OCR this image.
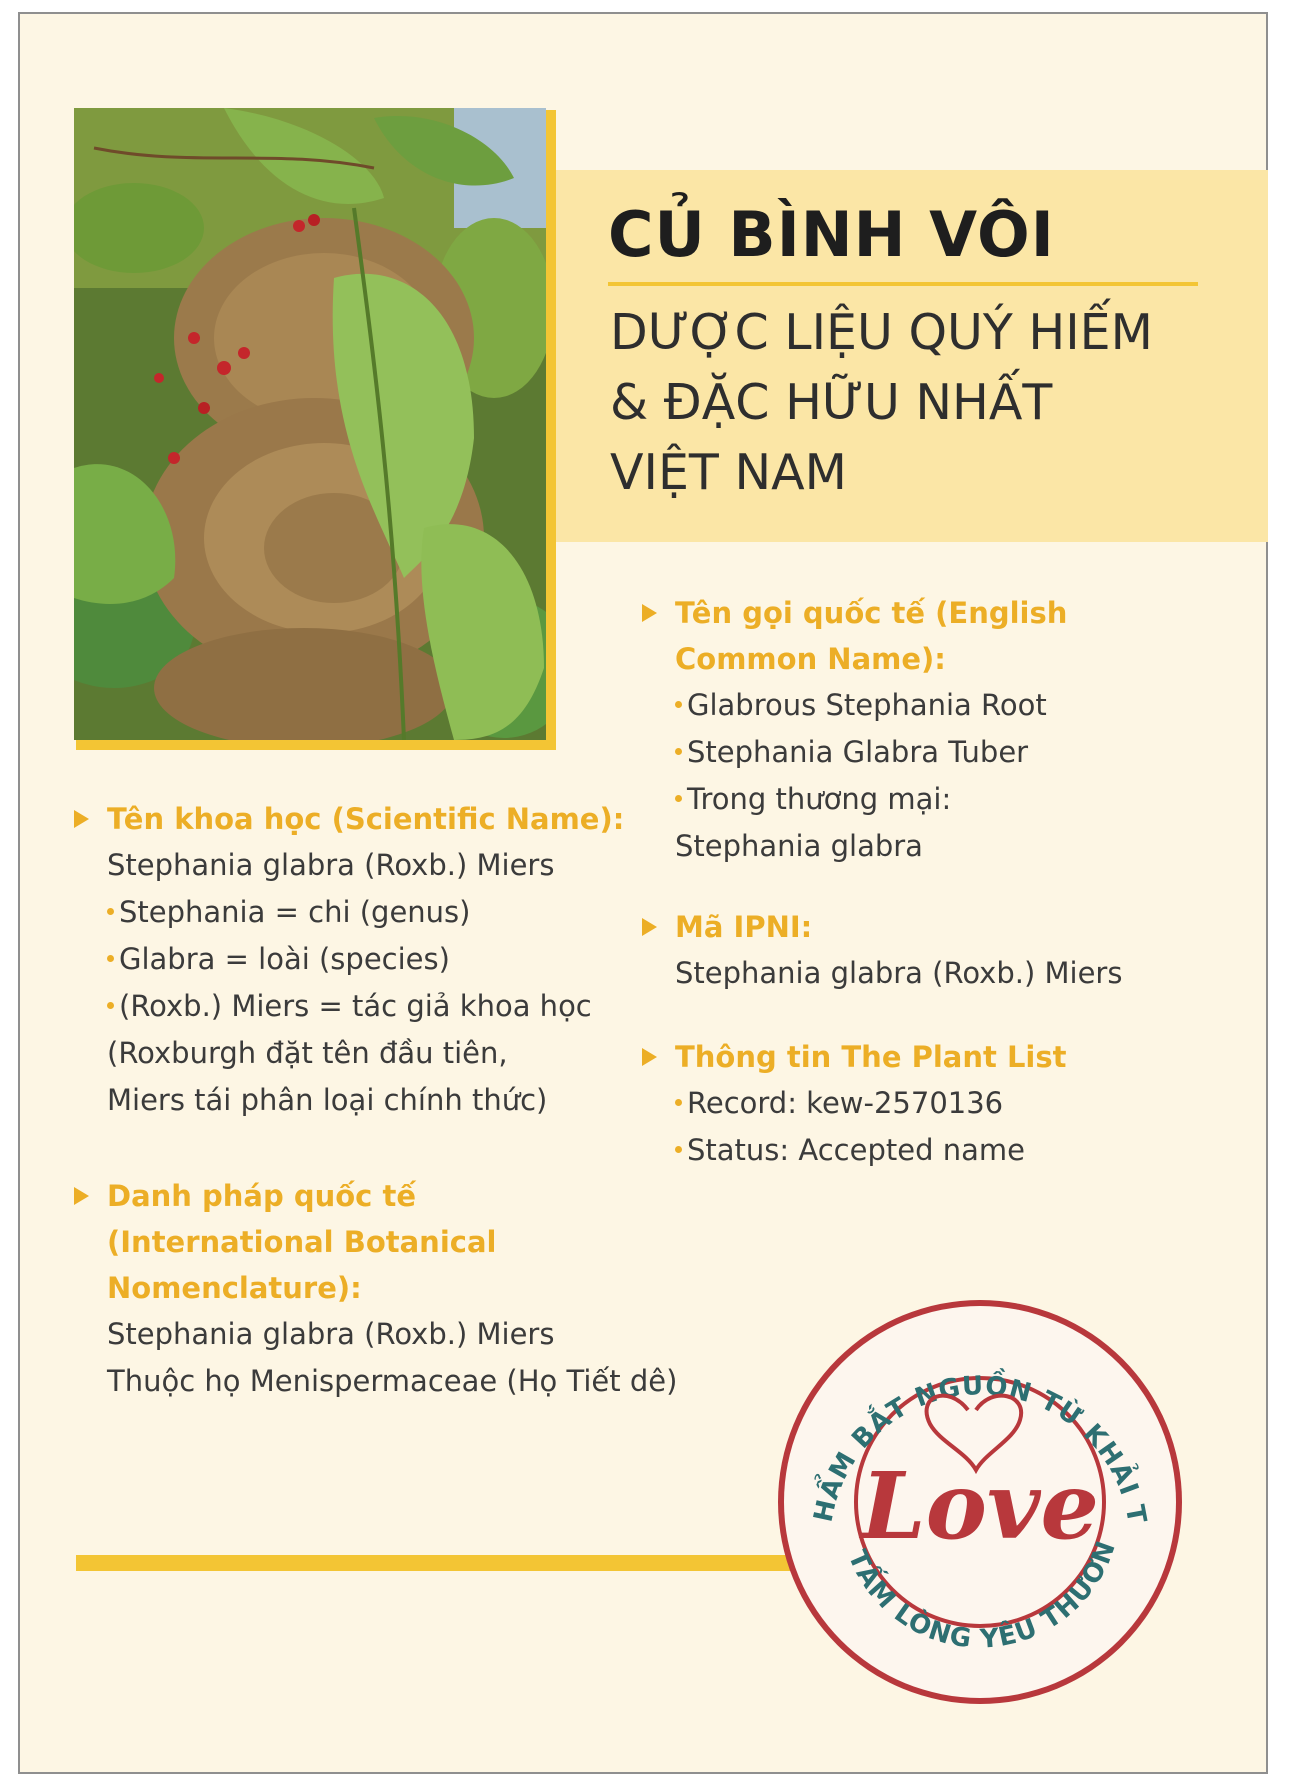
CỦ BÌNH VÔI
DƯỢC LIỆU QUÝ HIẾM
& ĐẶC HỮU NHẤT
VIỆT NAM
Tên gọi quốc tế (English
Common Name):
Glabrous Stephania Root
Stephania Glabra Tuber
Trong thương mại:
Stephania glabra
Mã IPNI:
Stephania glabra (Roxb.) Miers
Thông tin The Plant List
Record: kew-2570136
Status: Accepted name
Tên khoa học (Scientific Name):
Stephania glabra (Roxb.) Miers
Stephania = chi (genus)
Glabra = loài (species)
(Roxb.) Miers = tác giả khoa học
(Roxburgh đặt tên đầu tiên,
Miers tái phân loại chính thức)
Danh pháp quốc tế
(International Botanical
Nomenclature):
Stephania glabra (Roxb.) Miers
Thuộc họ Menispermaceae (Họ Tiết dê)
HẨM BẮT NGUỒN TỪ KHẢI T
TẤM LÒNG YÊU THƯƠN
Love
